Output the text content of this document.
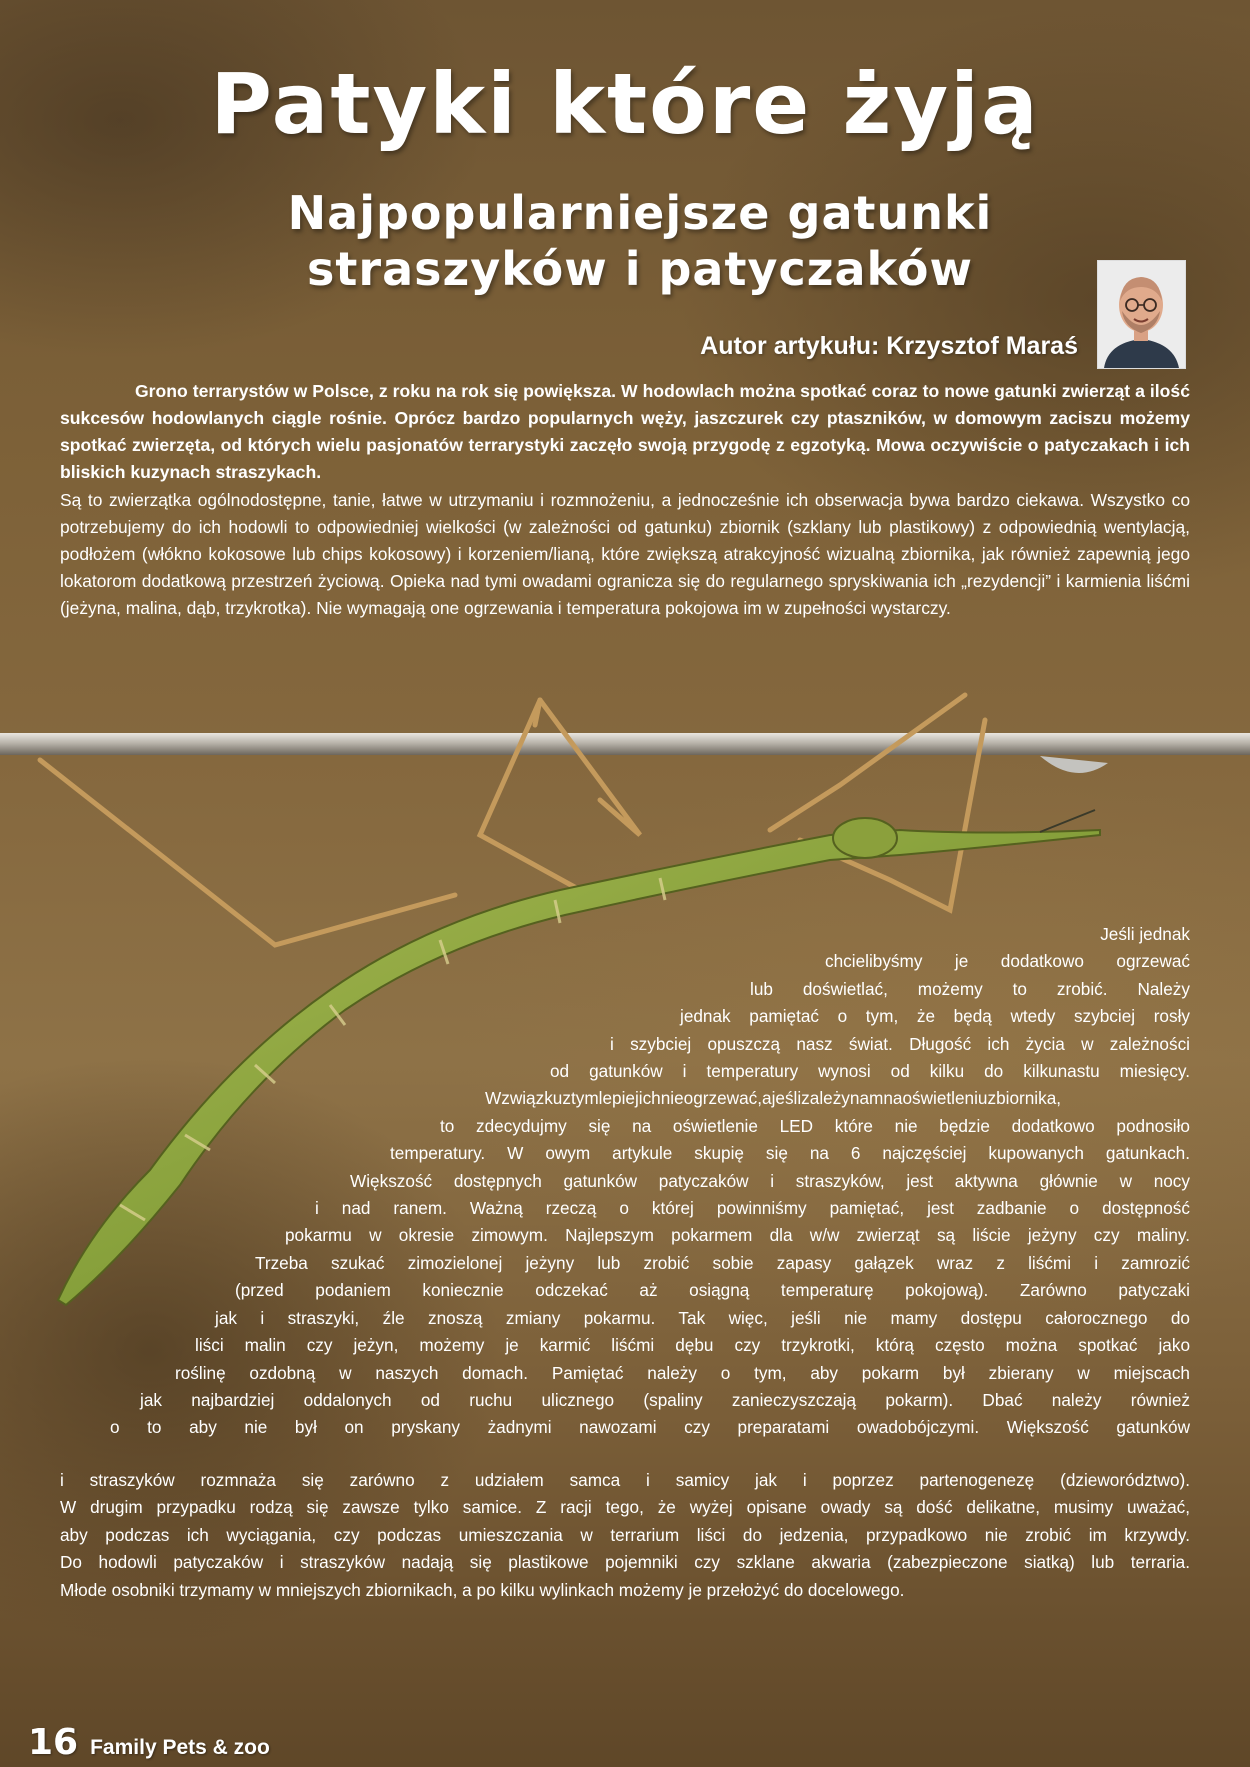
Patyki które żyją
Najpopularniejsze gatunki straszyków i patyczaków
Autor artykułu: Krzysztof Maraś
Grono terrarystów w Polsce, z roku na rok się powiększa. W hodowlach można spotkać coraz to nowe gatunki zwierząt a ilość sukcesów hodowlanych ciągle rośnie. Oprócz bardzo popularnych węży, jaszczurek czy ptaszników, w domowym zaciszu możemy spotkać zwierzęta, od których wielu pasjonatów terrarystyki zaczęło swoją przygodę z egzotyką. Mowa oczywiście o patyczakach i ich bliskich kuzynach straszykach.
Są to zwierzątka ogólnodostępne, tanie, łatwe w utrzymaniu i rozmnożeniu, a jednocześnie ich obserwacja bywa bardzo ciekawa. Wszystko co potrzebujemy do ich hodowli to odpowiedniej wielkości (w zależności od gatunku) zbiornik (szklany lub plastikowy) z odpowiednią wentylacją, podłożem (włókno kokosowe lub chips kokosowy) i korzeniem/lianą, które zwiększą atrakcyjność wizualną zbiornika, jak również zapewnią jego lokatorom dodatkową przestrzeń życiową. Opieka nad tymi owadami ogranicza się do regularnego spryskiwania ich „rezydencji” i karmienia liśćmi (jeżyna, malina, dąb, trzykrotka). Nie wymagają one ogrzewania i temperatura pokojowa im w zupełności wystarczy.
Jeśli jednak
chcielibyśmy je dodatkowo ogrzewać
lub doświetlać, możemy to zrobić. Należy
jednak pamiętać o tym, że będą wtedy szybciej rosły
i szybciej opuszczą nasz świat. Długość ich życia w zależności
od gatunków i temperatury wynosi od kilku do kilkunastu miesięcy.
Wzwiązkuztymlepiejichnieogrzewać,ajeślizależynamnaoświetleniuzbiornika,
to zdecydujmy się na oświetlenie LED które nie będzie dodatkowo podnosiło
temperatury. W owym artykule skupię się na 6 najczęściej kupowanych gatunkach.
Większość dostępnych gatunków patyczaków i straszyków, jest aktywna głównie w nocy
i nad ranem. Ważną rzeczą o której powinniśmy pamiętać, jest zadbanie o dostępność
pokarmu w okresie zimowym. Najlepszym pokarmem dla w/w zwierząt są liście jeżyny czy maliny.
Trzeba szukać zimozielonej jeżyny lub zrobić sobie zapasy gałązek wraz z liśćmi i zamrozić
(przed podaniem koniecznie odczekać aż osiągną temperaturę pokojową). Zarówno patyczaki
jak i straszyki, źle znoszą zmiany pokarmu. Tak więc, jeśli nie mamy dostępu całorocznego do
liści malin czy jeżyn, możemy je karmić liśćmi dębu czy trzykrotki, którą często można spotkać jako
roślinę ozdobną w naszych domach. Pamiętać należy o tym, aby pokarm był zbierany w miejscach
jak najbardziej oddalonych od ruchu ulicznego (spaliny zanieczyszczają pokarm). Dbać należy również
o to aby nie był on pryskany żadnymi nawozami czy preparatami owadobójczymi. Większość gatunków
i straszyków rozmnaża się zarówno z udziałem samca i samicy jak i poprzez partenogenezę (dzieworództwo).
W drugim przypadku rodzą się zawsze tylko samice. Z racji tego, że wyżej opisane owady są dość delikatne, musimy uważać,
aby podczas ich wyciągania, czy podczas umieszczania w terrarium liści do jedzenia, przypadkowo nie zrobić im krzywdy.
Do hodowli patyczaków i straszyków nadają się plastikowe pojemniki czy szklane akwaria (zabezpieczone siatką) lub terraria.
Młode osobniki trzymamy w mniejszych zbiornikach, a po kilku wylinkach możemy je przełożyć do docelowego.
16 Family Pets & zoo
